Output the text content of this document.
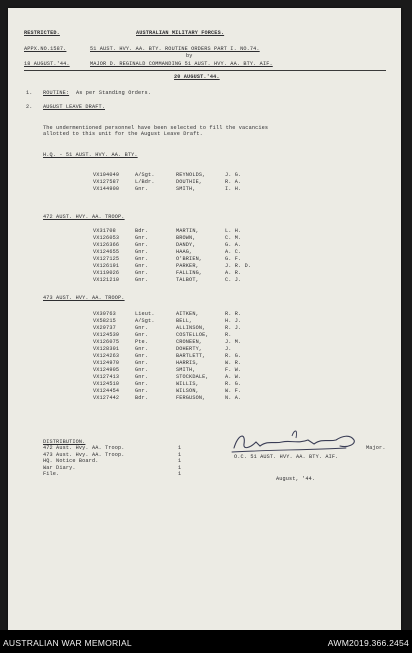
RESTRICTED.	AUSTRALIAN MILITARY FORCES.
APPX.NO.1587.	51 AUST. HVY. AA. BTY. ROUTINE ORDERS PART I. NO.74.
by
18 AUGUST.'44.	MAJOR D. REGINALD COMMANDING 51 AUST. HVY. AA. BTY. AIF.
20 AUGUST.'44.
1. ROUTINE: As per Standing Orders.
2. AUGUST LEAVE DRAFT.
The undermentioned personnel have been selected to fill the vacancies
allotted to this unit for the August Leave Draft.
H.Q. - 51 AUST. HVY. AA. BTY.
VX104049	A/Sgt.	REYNOLDS,	J. G.
VX127587	L/Bdr.	DOUTHIE,	R. A.
VX144900	Gnr.	SMITH,	I. H.
472 AUST. HVY. AA. TROOP.
VX31708	Bdr.	MARTIN,	L. H.
VX126053	Gnr.	BROWN,	C. M.
VX126366	Gnr.	DANDY,	G. A.
VX124655	Gnr.	HAAG,	A. C.
VX127125	Gnr.	O'BRIEN,	G. F.
VX126191	Gnr.	PARKER,	J. R. D.
VX119026	Gnr.	FALLING,	A. R.
VX121210	Gnr.	TALBOT,	C. J.
473 AUST. HVY. AA. TROOP.
VX30763	Lieut.	AITKEN,	R. R.
VX58215	A/Sgt.	BELL,	H. J.
VX29737	Gnr.	ALLINSON,	R. J.
VX124539	Gnr.	COSTELLOE,	R.
VX126075	Pte.	CRONEEN,	J. M.
VX128301	Gnr.	DOHERTY,	J.
VX124263	Gnr.	BARTLETT,	R. G.
VX124970	Gnr.	HARRIS,	W. R.
VX124905	Gnr.	SMITH,	F. W.
VX127413	Gnr.	STOCKDALE,	A. W.
VX124510	Gnr.	WILLIS,	R. G.
VX124454	Gnr.	WILSON,	W. F.
VX127442	Bdr.	FERGUSON,	N. A.
DISTRIBUTION.
472 Aust. Hvy. AA. Troop.	1
473 Aust. Hvy. AA. Troop.	1
HQ. Notice Board.	1
War Diary.	1
File.	1
Major.
O.C. 51 AUST. HVY. AA. BTY. AIF.
August, '44.
AUSTRALIAN WAR MEMORIAL	AWM2019.366.2454
